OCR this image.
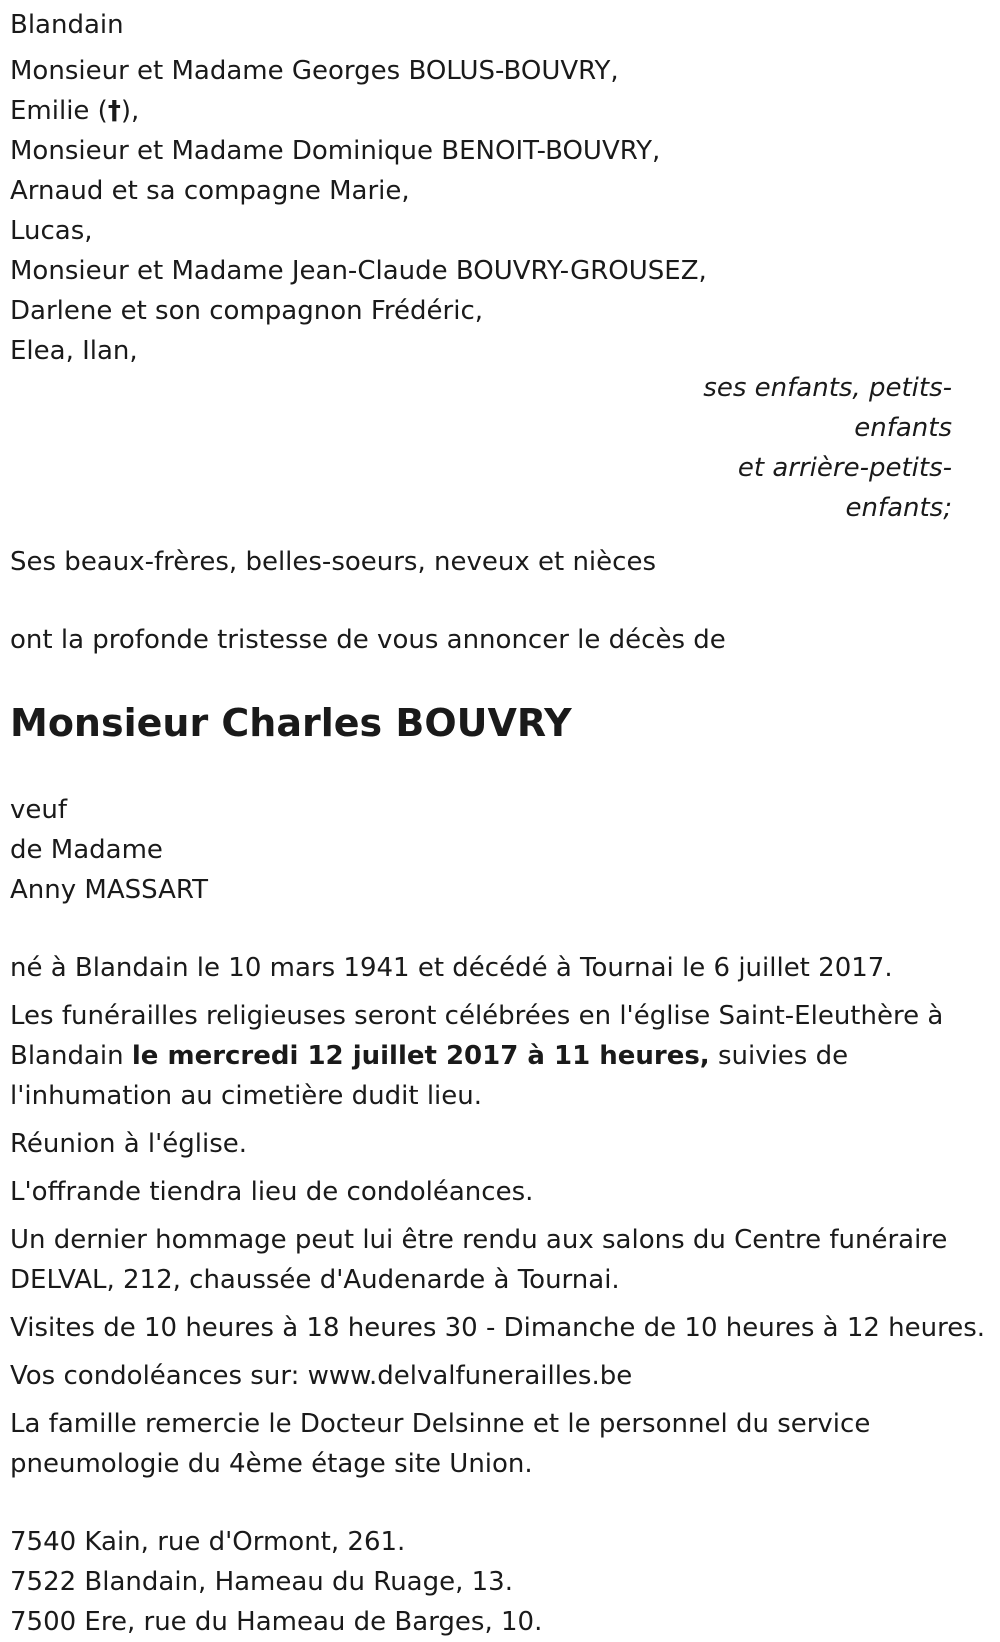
Blandain
Monsieur et Madame Georges BOLUS-BOUVRY,
Emilie (†),
Monsieur et Madame Dominique BENOIT-BOUVRY,
Arnaud et sa compagne Marie,
Lucas,
Monsieur et Madame Jean-Claude BOUVRY-GROUSEZ,
Darlene et son compagnon Frédéric,
Elea, Ilan,
ses enfants, petits-
enfants
et arrière-petits-
enfants;
Ses beaux-frères, belles-soeurs, neveux et nièces
ont la profonde tristesse de vous annoncer le décès de
Monsieur Charles BOUVRY
veuf
de Madame
Anny MASSART
né à Blandain le 10 mars 1941 et décédé à Tournai le 6 juillet 2017.
Les funérailles religieuses seront célébrées en l'église Saint-Eleuthère à Blandain le mercredi 12 juillet 2017 à 11 heures, suivies de l'inhumation au cimetière dudit lieu.
Réunion à l'église.
L'offrande tiendra lieu de condoléances.
Un dernier hommage peut lui être rendu aux salons du Centre funéraire DELVAL, 212, chaussée d'Audenarde à Tournai.
Visites de 10 heures à 18 heures 30 - Dimanche de 10 heures à 12 heures.
Vos condoléances sur: www.delvalfunerailles.be
La famille remercie le Docteur Delsinne et le personnel du service pneumologie du 4ème étage site Union.
7540 Kain, rue d'Ormont, 261.
7522 Blandain, Hameau du Ruage, 13.
7500 Ere, rue du Hameau de Barges, 10.
